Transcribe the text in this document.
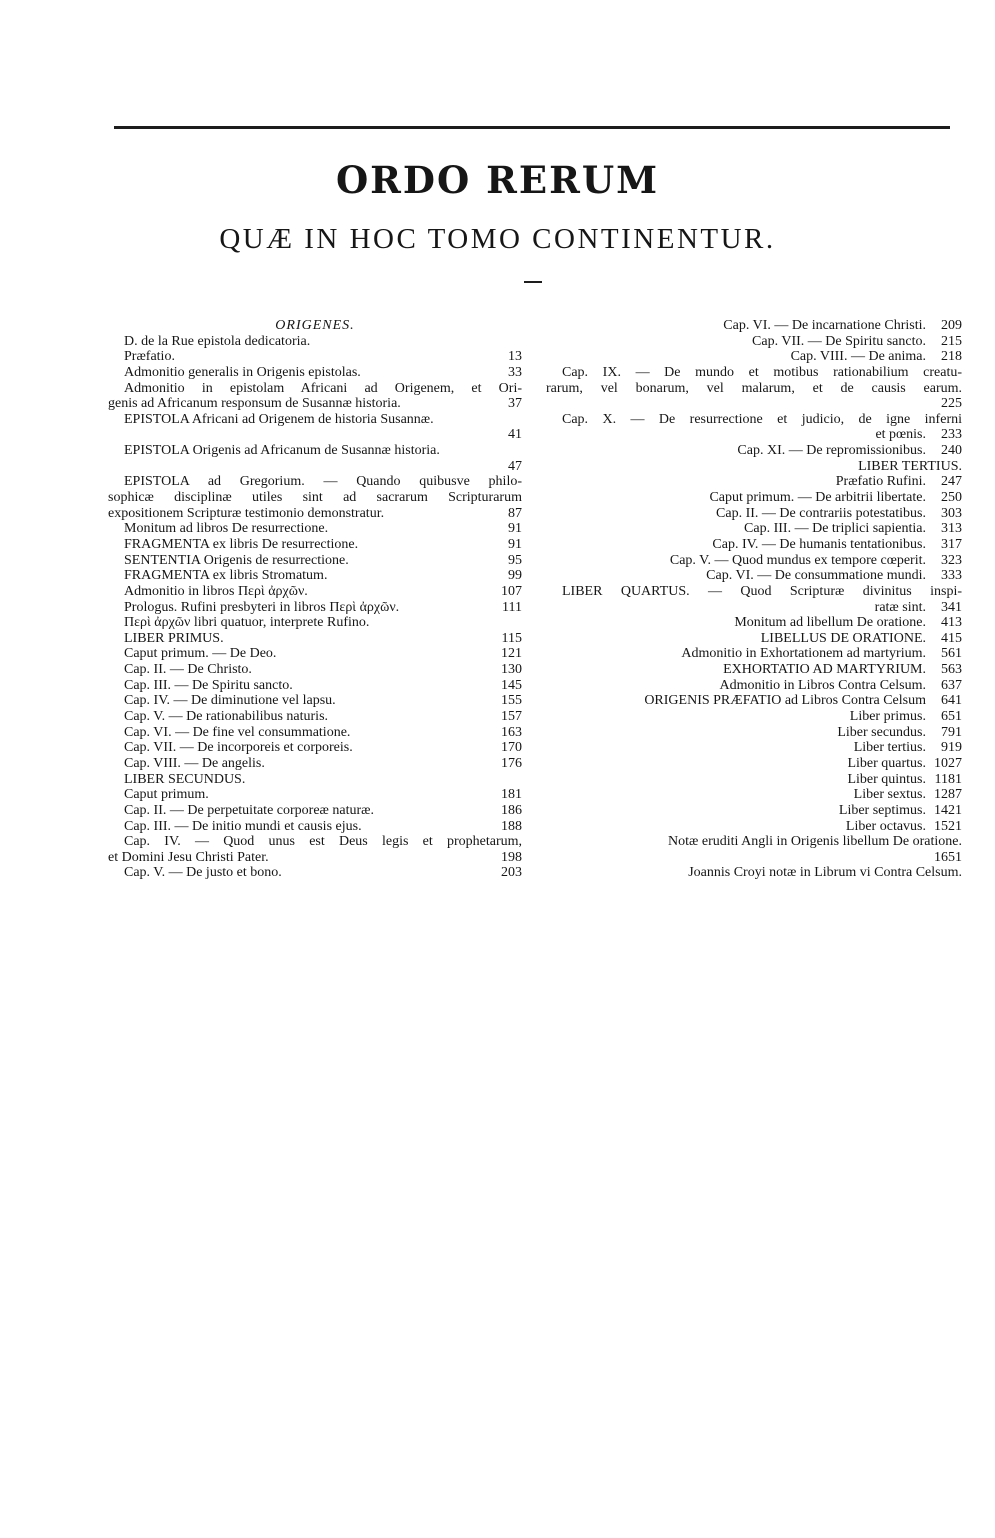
ORDO RERUM
QUÆ IN HOC TOMO CONTINENTUR.
ORIGENES.
D. de la Rue epistola dedicatoria.
Præfatio.	13
Admonitio generalis in Origenis epistolas.	33
Admonitio in epistolam Africani ad Origenem, et Ori-
genis ad Africanum responsum de Susannæ historia.	37
EPISTOLA Africani ad Origenem de historia Susannæ.
41
EPISTOLA Origenis ad Africanum de Susannæ historia.
47
EPISTOLA ad Gregorium. — Quando quibusve philo-
sophicæ disciplinæ utiles sint ad sacrarum Scripturarum
expositionem Scripturæ testimonio demonstratur.	87
Monitum ad libros De resurrectione.	91
FRAGMENTA ex libris De resurrectione.	91
SENTENTIA Origenis de resurrectione.	95
FRAGMENTA ex libris Stromatum.	99
Admonitio in libros Περὶ ἀρχῶν.	107
Prologus. Rufini presbyteri in libros Περὶ ἀρχῶν.	111
Περὶ ἀρχῶν libri quatuor, interprete Rufino.
LIBER PRIMUS.	115
Caput primum. — De Deo.	121
Cap. II. — De Christo.	130
Cap. III. — De Spiritu sancto.	145
Cap. IV. — De diminutione vel lapsu.	155
Cap. V. — De rationabilibus naturis.	157
Cap. VI. — De fine vel consummatione.	163
Cap. VII. — De incorporeis et corporeis.	170
Cap. VIII. — De angelis.	176
LIBER SECUNDUS.
Caput primum.	181
Cap. II. — De perpetuitate corporeæ naturæ.	186
Cap. III. — De initio mundi et causis ejus.	188
Cap. IV. — Quod unus est Deus legis et prophetarum,
et Domini Jesu Christi Pater.	198
Cap. V. — De justo et bono.	203
Cap. VI. — De incarnatione Christi.	209
Cap. VII. — De Spiritu sancto.	215
Cap. VIII. — De anima.	218
Cap. IX. — De mundo et motibus rationabilium creatu-
rarum, vel bonarum, vel malarum, et de causis earum.
225
Cap. X. — De resurrectione et judicio, de igne inferni
et pœnis.	233
Cap. XI. — De repromissionibus.	240
LIBER TERTIUS.
Præfatio Rufini.	247
Caput primum. — De arbitrii libertate.	250
Cap. II. — De contrariis potestatibus.	303
Cap. III. — De triplici sapientia.	313
Cap. IV. — De humanis tentationibus.	317
Cap. V. — Quod mundus ex tempore cœperit.	323
Cap. VI. — De consummatione mundi.	333
LIBER QUARTUS. — Quod Scripturæ divinitus inspi-
ratæ sint.	341
Monitum ad libellum De oratione.	413
LIBELLUS DE ORATIONE.	415
Admonitio in Exhortationem ad martyrium.	561
EXHORTATIO AD MARTYRIUM.	563
Admonitio in Libros Contra Celsum.	637
ORIGENIS PRÆFATIO ad Libros Contra Celsum	641
Liber primus.	651
Liber secundus.	791
Liber tertius.	919
Liber quartus. 1027
Liber quintus. 1181
Liber sextus. 1287
Liber septimus. 1421
Liber octavus. 1521
Notæ eruditi Angli in Origenis libellum De oratione.
1651
Joannis Croyi notæ in Librum vi Contra Celsum.
